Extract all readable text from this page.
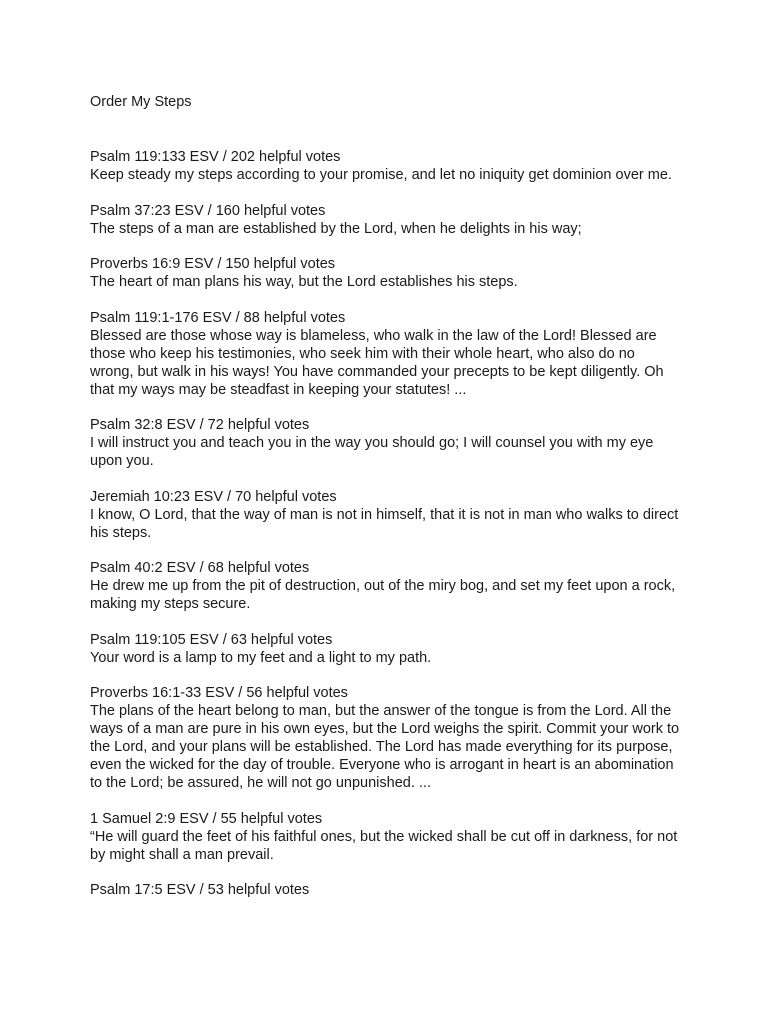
Order My Steps

Psalm 119:133 ESV / 202 helpful votes

Keep steady my steps according to your promise, and let no iniquity get dominion over me.

Psalm 37:23 ESV / 160 helpful votes

The steps of a man are established by the Lord, when he delights in his way;

Proverbs 16:9 ESV / 150 helpful votes

The heart of man plans his way, but the Lord establishes his steps.

Psalm 119:1-176 ESV / 88 helpful votes

Blessed are those whose way is blameless, who walk in the law of the Lord! Blessed are those who keep his testimonies, who seek him with their whole heart, who also do no wrong, but walk in his ways! You have commanded your precepts to be kept diligently. Oh that my ways may be steadfast in keeping your statutes! ...

Psalm 32:8 ESV / 72 helpful votes

I will instruct you and teach you in the way you should go; I will counsel you with my eye upon you.

Jeremiah 10:23 ESV / 70 helpful votes

I know, O Lord, that the way of man is not in himself, that it is not in man who walks to direct his steps.

Psalm 40:2 ESV / 68 helpful votes

He drew me up from the pit of destruction, out of the miry bog, and set my feet upon a rock, making my steps secure.

Psalm 119:105 ESV / 63 helpful votes

Your word is a lamp to my feet and a light to my path.

Proverbs 16:1-33 ESV / 56 helpful votes

The plans of the heart belong to man, but the answer of the tongue is from the Lord. All the ways of a man are pure in his own eyes, but the Lord weighs the spirit. Commit your work to the Lord, and your plans will be established. The Lord has made everything for its purpose, even the wicked for the day of trouble. Everyone who is arrogant in heart is an abomination to the Lord; be assured, he will not go unpunished. ...

1 Samuel 2:9 ESV / 55 helpful votes

“He will guard the feet of his faithful ones, but the wicked shall be cut off in darkness, for not by might shall a man prevail.

Psalm 17:5 ESV / 53 helpful votes
